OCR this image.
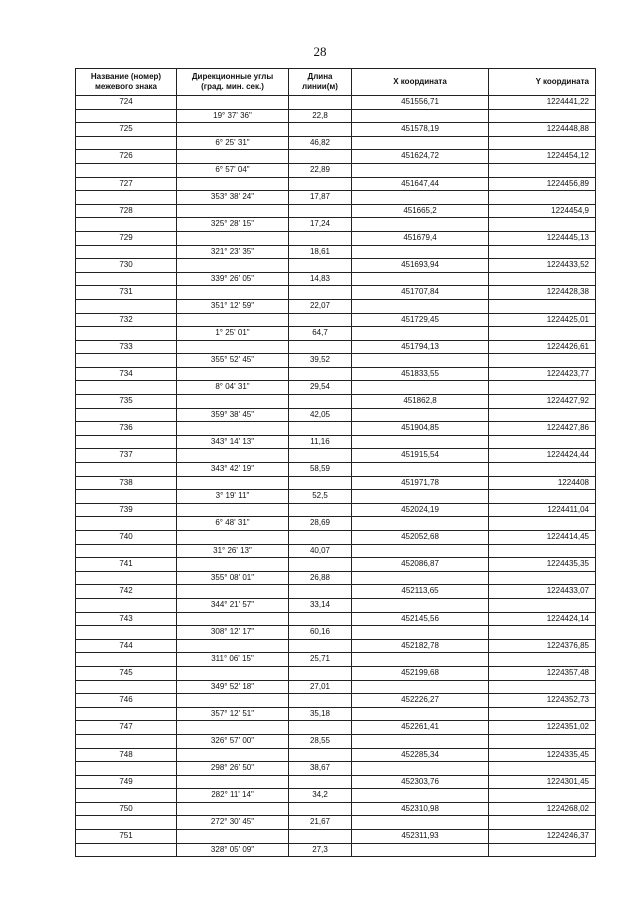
28
Название (номер) межевого знака	Дирекционные углы (град. мин. сек.)	Длина линии(м)	X координата	Y координата
724			451556,71	1224441,22
	19° 37' 36"	22,8		
725			451578,19	1224448,88
	6° 25' 31"	46,82		
726			451624,72	1224454,12
	6° 57' 04"	22,89		
727			451647,44	1224456,89
	353° 38' 24"	17,87		
728			451665,2	1224454,9
	325° 28' 15"	17,24		
729			451679,4	1224445,13
	321° 23' 35"	18,61		
730			451693,94	1224433,52
	339° 26' 05"	14,83		
731			451707,84	1224428,38
	351° 12' 59"	22,07		
732			451729,45	1224425,01
	1° 25' 01"	64,7		
733			451794,13	1224426,61
	355° 52' 45"	39,52		
734			451833,55	1224423,77
	8° 04' 31"	29,54		
735			451862,8	1224427,92
	359° 38' 45"	42,05		
736			451904,85	1224427,86
	343° 14' 13"	11,16		
737			451915,54	1224424,44
	343° 42' 19"	58,59		
738			451971,78	1224408
	3° 19' 11"	52,5		
739			452024,19	1224411,04
	6° 48' 31"	28,69		
740			452052,68	1224414,45
	31° 26' 13"	40,07		
741			452086,87	1224435,35
	355° 08' 01"	26,88		
742			452113,65	1224433,07
	344° 21' 57"	33,14		
743			452145,56	1224424,14
	308° 12' 17"	60,16		
744			452182,78	1224376,85
	311° 06' 15"	25,71		
745			452199,68	1224357,48
	349° 52' 18"	27,01		
746			452226,27	1224352,73
	357° 12' 51"	35,18		
747			452261,41	1224351,02
	326° 57' 00"	28,55		
748			452285,34	1224335,45
	298° 26' 50"	38,67		
749			452303,76	1224301,45
	282° 11' 14"	34,2		
750			452310,98	1224268,02
	272° 30' 45"	21,67		
751			452311,93	1224246,37
	328° 05' 09"	27,3		
